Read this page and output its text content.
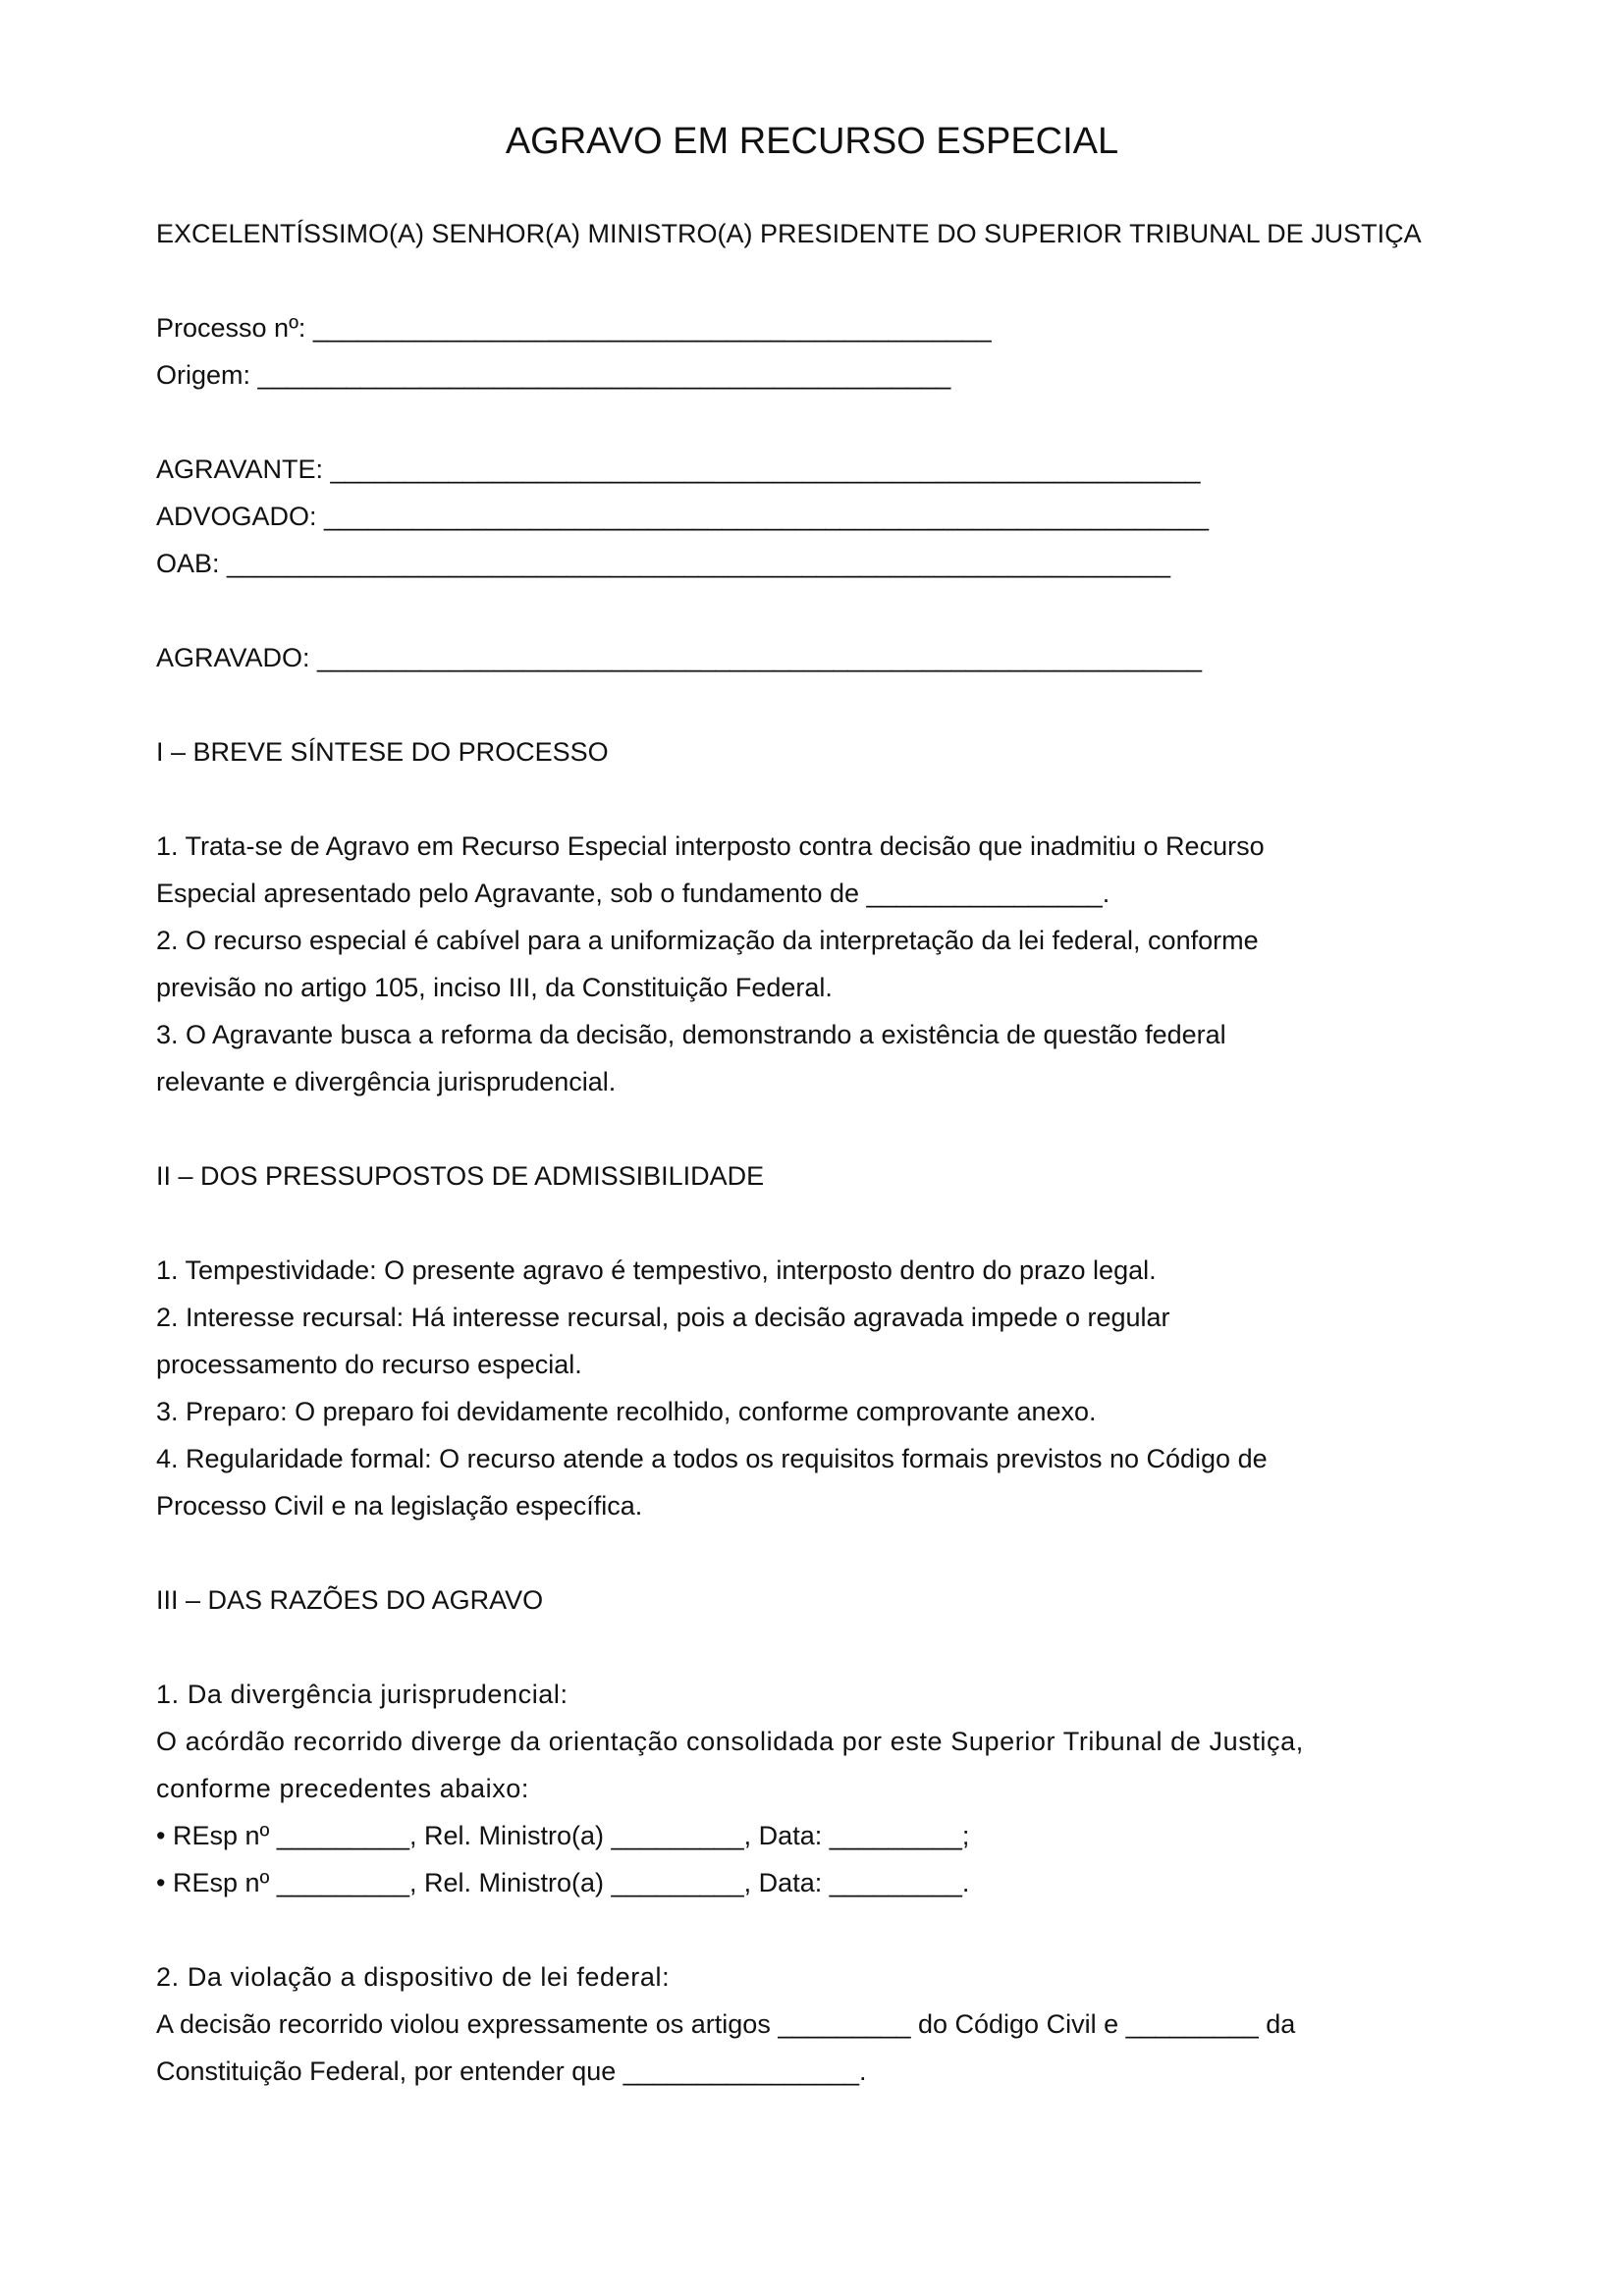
AGRAVO EM RECURSO ESPECIAL
EXCELENTÍSSIMO(A) SENHOR(A) MINISTRO(A) PRESIDENTE DO SUPERIOR TRIBUNAL DE JUSTIÇA
Processo nº: ______________________________________________
Origem: _______________________________________________
AGRAVANTE: ___________________________________________________________
ADVOGADO: ____________________________________________________________
OAB: ________________________________________________________________
AGRAVADO: ____________________________________________________________
I – BREVE SÍNTESE DO PROCESSO
1. Trata-se de Agravo em Recurso Especial interposto contra decisão que inadmitiu o Recurso
Especial apresentado pelo Agravante, sob o fundamento de ________________.
2. O recurso especial é cabível para a uniformização da interpretação da lei federal, conforme
previsão no artigo 105, inciso III, da Constituição Federal.
3. O Agravante busca a reforma da decisão, demonstrando a existência de questão federal
relevante e divergência jurisprudencial.
II – DOS PRESSUPOSTOS DE ADMISSIBILIDADE
1. Tempestividade: O presente agravo é tempestivo, interposto dentro do prazo legal.
2. Interesse recursal: Há interesse recursal, pois a decisão agravada impede o regular
processamento do recurso especial.
3. Preparo: O preparo foi devidamente recolhido, conforme comprovante anexo.
4. Regularidade formal: O recurso atende a todos os requisitos formais previstos no Código de
Processo Civil e na legislação específica.
III – DAS RAZÕES DO AGRAVO
1. Da divergência jurisprudencial:
O acórdão recorrido diverge da orientação consolidada por este Superior Tribunal de Justiça,
conforme precedentes abaixo:
• REsp nº _________, Rel. Ministro(a) _________, Data: _________;
• REsp nº _________, Rel. Ministro(a) _________, Data: _________.
2. Da violação a dispositivo de lei federal:
A decisão recorrido violou expressamente os artigos _________ do Código Civil e _________ da
Constituição Federal, por entender que ________________.
